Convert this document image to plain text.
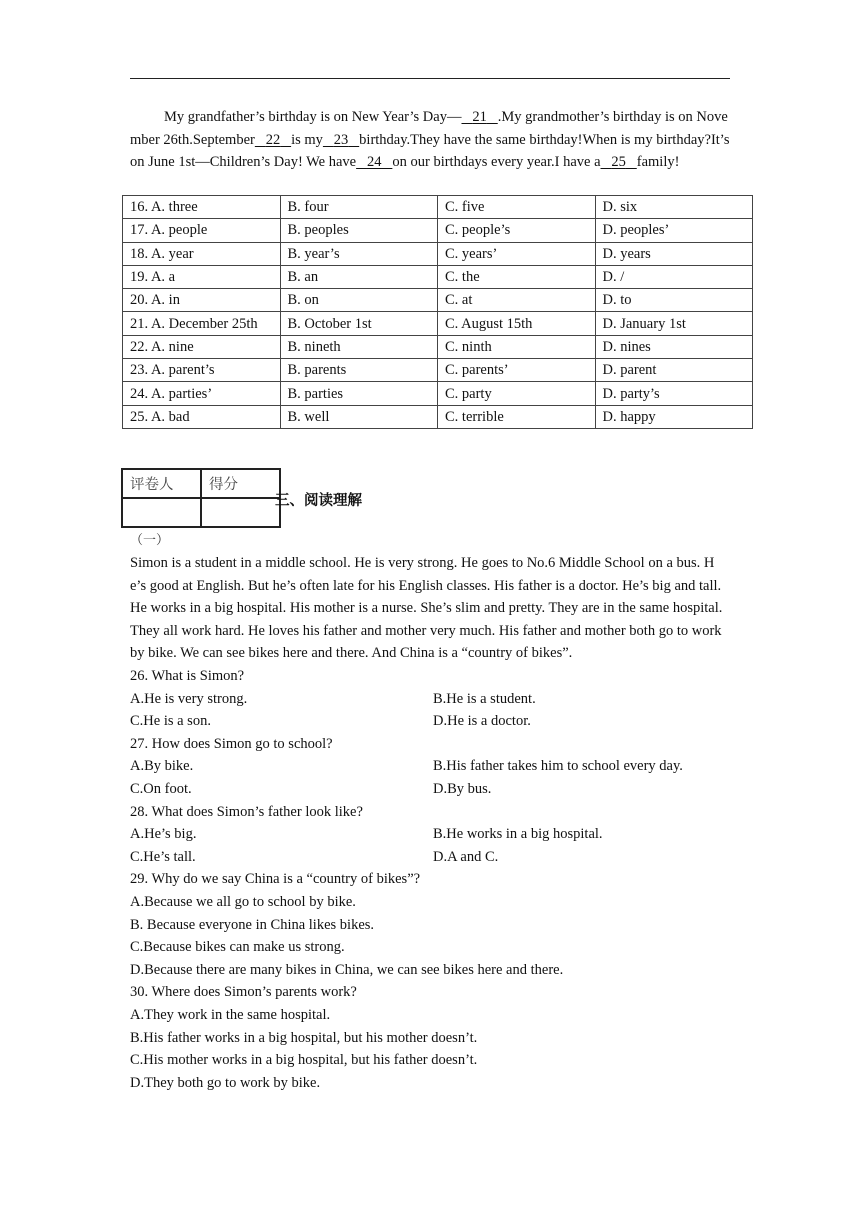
My grandfather’s birthday is on New Year’s Day— 21 .My grandmother’s birthday is on November 26th.September 22 is my 23 birthday.They have the same birthday!When is my birthday?It’s on June 1st—Children’s Day! We have 24 on our birthdays every year.I have a 25 family!
16. A. three	B. four	C. five	D. six
17. A. people	B. peoples	C. people’s	D. peoples’
18. A. year	B. year’s	C. years’	D. years
19. A. a	B. an	C. the	D. /
20. A. in	B. on	C. at	D. to
21. A. December 25th	B. October 1st	C. August 15th	D. January 1st
22. A. nine	B. nineth	C. ninth	D. nines
23. A. parent’s	B. parents	C. parents’	D. parent
24. A. parties’	B. parties	C. party	D. party’s
25. A. bad	B. well	C. terrible	D. happy
评卷人	得分

三、阅读理解
（一）
Simon is a student in a middle school. He is very strong. He goes to No.6 Middle School on a bus. He’s good at English. But he’s often late for his English classes. His father is a doctor. He’s big and tall. He works in a big hospital. His mother is a nurse. She’s slim and pretty. They are in the same hospital. They all work hard. He loves his father and mother very much. His father and mother both go to work by bike. We can see bikes here and there. And China is a “country of bikes”.
26. What is Simon?
A.He is very strong.	B.He is a student.
C.He is a son.	D.He is a doctor.
27. How does Simon go to school?
A.By bike.	B.His father takes him to school every day.
C.On foot.	D.By bus.
28. What does Simon’s father look like?
A.He’s big.	B.He works in a big hospital.
C.He’s tall.	D.A and C.
29. Why do we say China is a “country of bikes”?
A.Because we all go to school by bike.
B. Because everyone in China likes bikes.
C.Because bikes can make us strong.
D.Because there are many bikes in China, we can see bikes here and there.
30. Where does Simon’s parents work?
A.They work in the same hospital.
B.His father works in a big hospital, but his mother doesn’t.
C.His mother works in a big hospital, but his father doesn’t.
D.They both go to work by bike.
